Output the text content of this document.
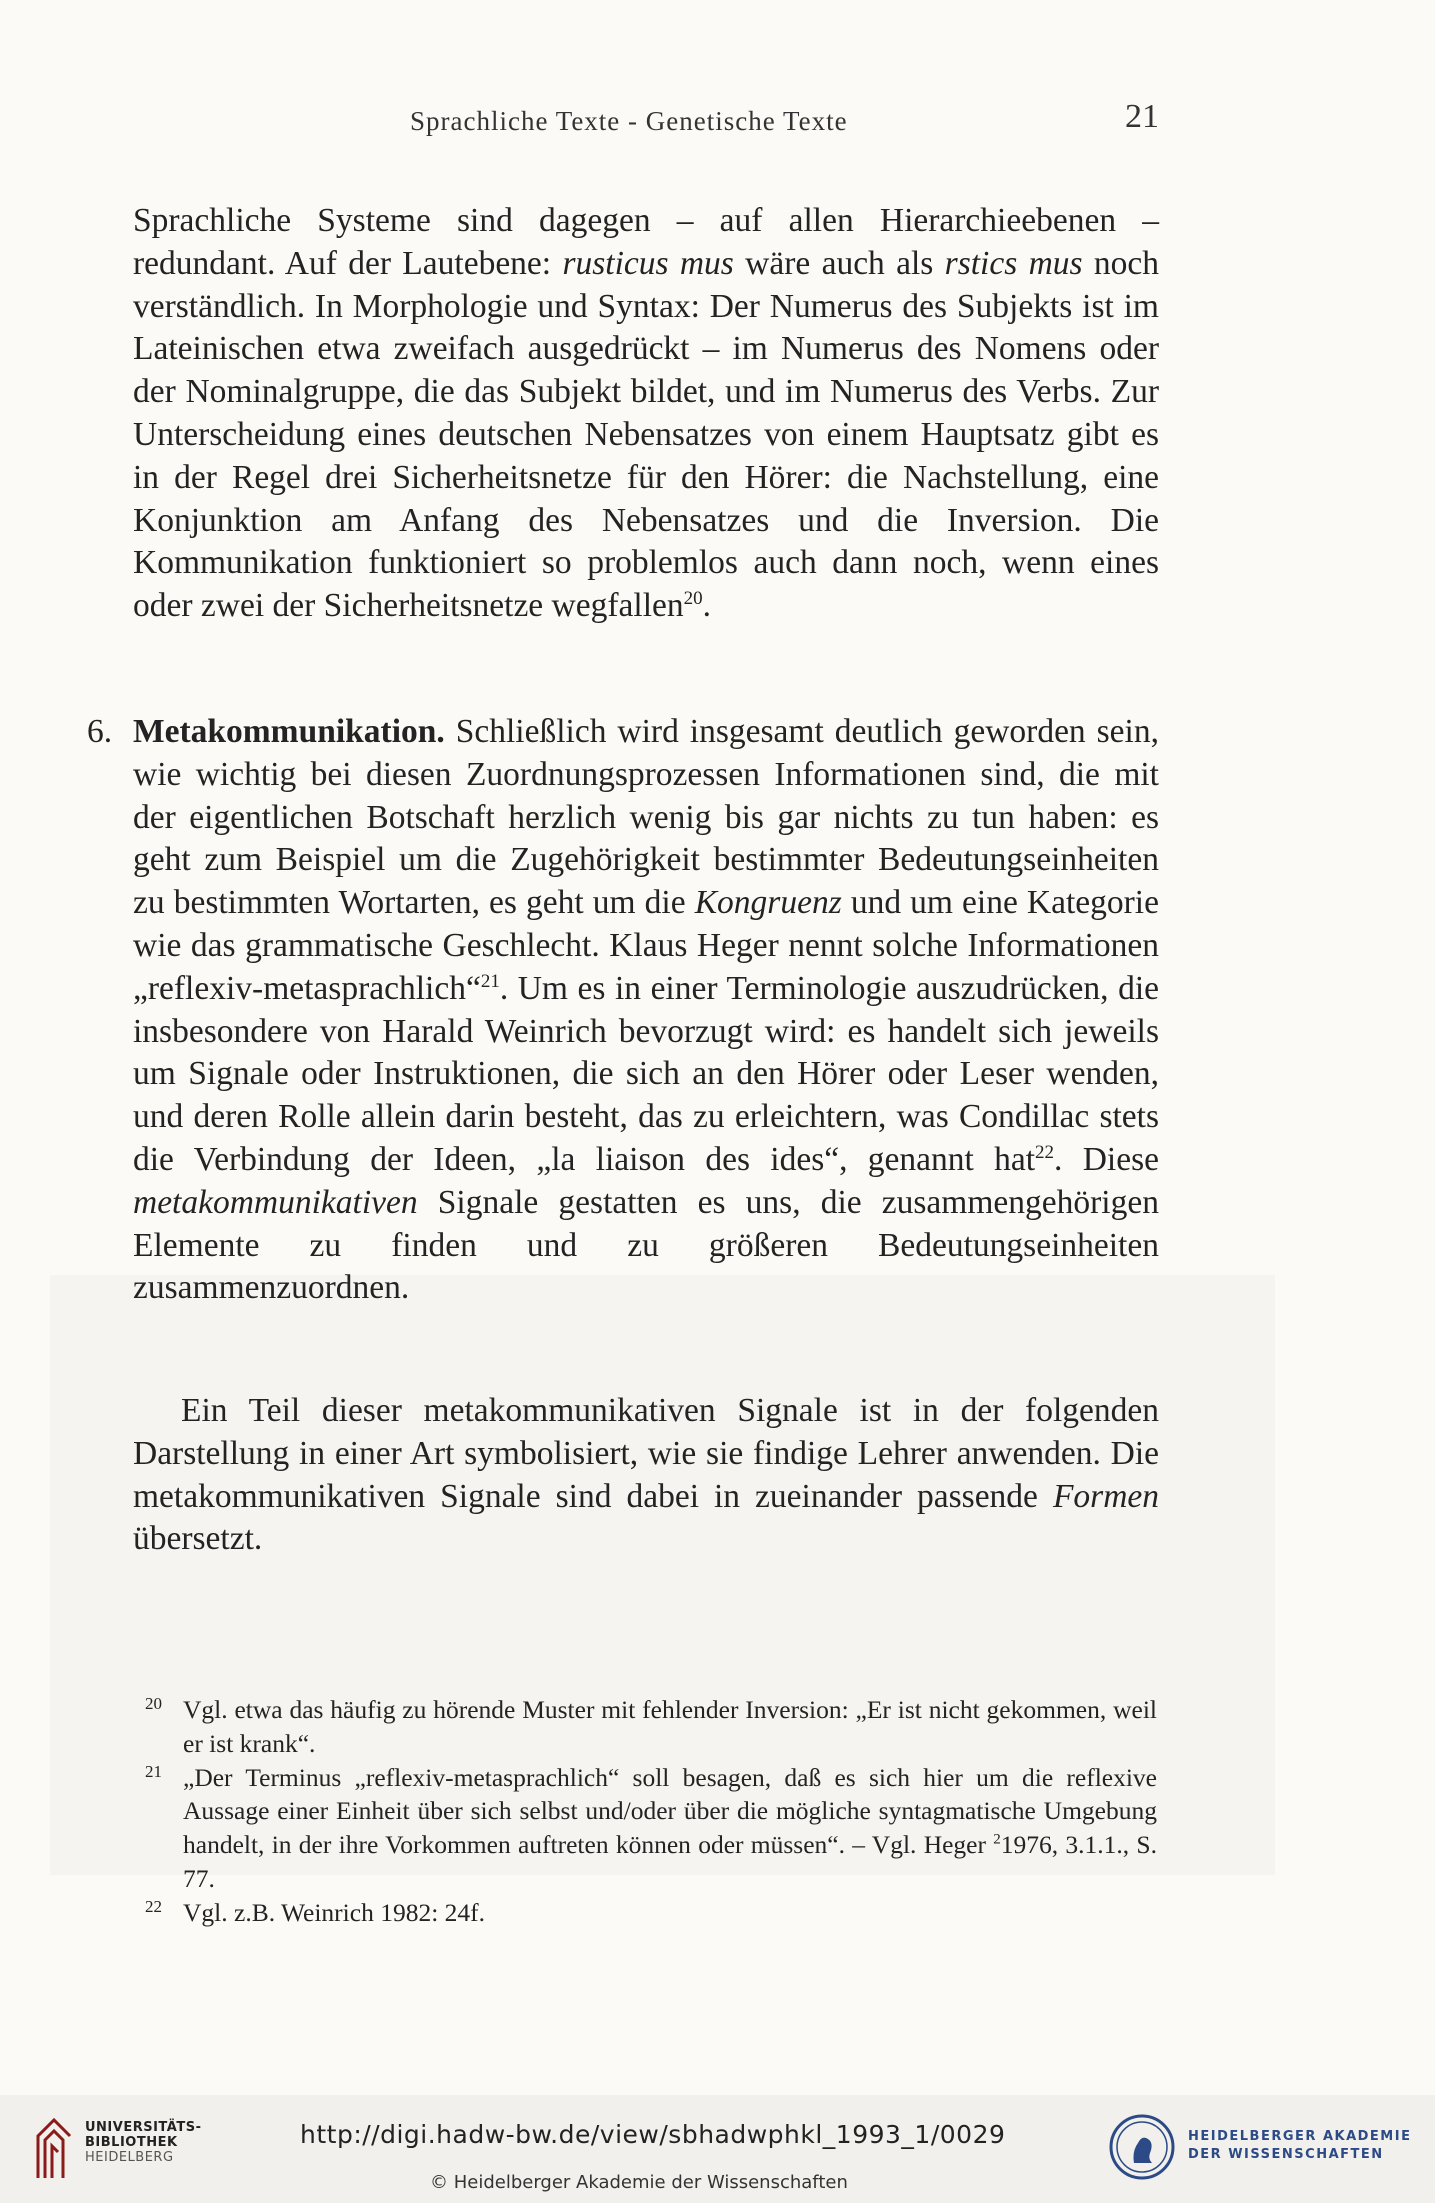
Sprachliche Texte - Genetische Texte	21

Sprachliche Systeme sind dagegen – auf allen Hierarchieebenen – redundant. Auf der Lautebene: rusticus mus wäre auch als rstics mus noch verständlich. In Morphologie und Syntax: Der Numerus des Subjekts ist im Lateinischen etwa zweifach ausgedrückt – im Numerus des Nomens oder der Nominalgruppe, die das Subjekt bildet, und im Numerus des Verbs. Zur Unterscheidung eines deutschen Nebensatzes von einem Hauptsatz gibt es in der Regel drei Sicherheitsnetze für den Hörer: die Nachstellung, eine Konjunktion am Anfang des Nebensatzes und die Inversion. Die Kommunikation funktioniert so problemlos auch dann noch, wenn eines oder zwei der Sicherheitsnetze wegfallen$^{20}$.

6. Metakommunikation. Schließlich wird insgesamt deutlich geworden sein, wie wichtig bei diesen Zuordnungsprozessen Informationen sind, die mit der eigentlichen Botschaft herzlich wenig bis gar nichts zu tun haben: es geht zum Beispiel um die Zugehörigkeit bestimmter Bedeutungseinheiten zu bestimmten Wortarten, es geht um die Kongruenz und um eine Kategorie wie das grammatische Geschlecht. Klaus Heger nennt solche Informationen „reflexiv-metasprachlich“$^{21}$. Um es in einer Terminologie auszudrücken, die insbesondere von Harald Weinrich bevorzugt wird: es handelt sich jeweils um Signale oder Instruktionen, die sich an den Hörer oder Leser wenden, und deren Rolle allein darin besteht, das zu erleichtern, was Condillac stets die Verbindung der Ideen, „la liaison des ides“, genannt hat$^{22}$. Diese metakommunikativen Signale gestatten es uns, die zusammengehörigen Elemente zu finden und zu größeren Bedeutungseinheiten zusammenzuordnen.

Ein Teil dieser metakommunikativen Signale ist in der folgenden Darstellung in einer Art symbolisiert, wie sie findige Lehrer anwenden. Die metakommunikativen Signale sind dabei in zueinander passende Formen übersetzt.

20 Vgl. etwa das häufig zu hörende Muster mit fehlender Inversion: „Er ist nicht gekommen, weil er ist krank“.

21 „Der Terminus „reflexiv-metasprachlich“ soll besagen, daß es sich hier um die reflexive Aussage einer Einheit über sich selbst und/oder über die mögliche syntagmatische Umgebung handelt, in der ihre Vorkommen auftreten können oder müssen“. – Vgl. Heger $^2$1976, 3.1.1., S. 77.

22 Vgl. z.B. Weinrich 1982: 24f.

UNIVERSITÄTS-
BIBLIOTHEK
HEIDELBERG
http://digi.hadw-bw.de/view/sbhadwphkl_1993_1/0029
© Heidelberger Akademie der Wissenschaften
HEIDELBERGER AKADEMIE
DER WISSENSCHAFTEN
